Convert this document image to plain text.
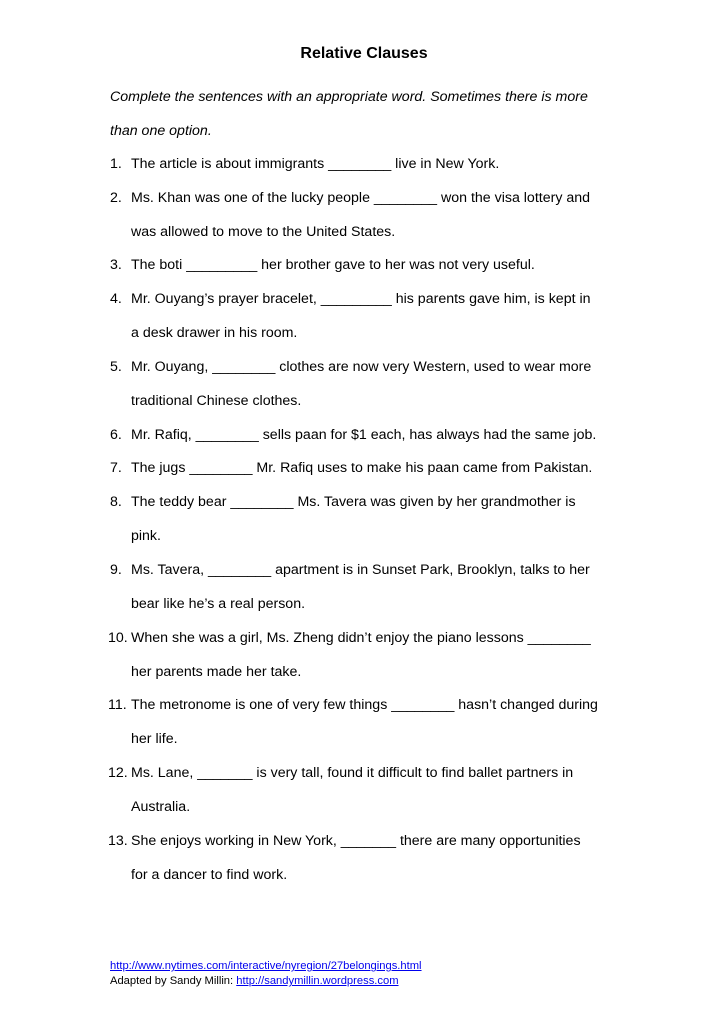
Relative Clauses
Complete the sentences with an appropriate word. Sometimes there is more
than one option.
1. The article is about immigrants ________ live in New York.
2. Ms. Khan was one of the lucky people ________ won the visa lottery and
was allowed to move to the United States.
3. The boti _________ her brother gave to her was not very useful.
4. Mr. Ouyang’s prayer bracelet, _________ his parents gave him, is kept in
a desk drawer in his room.
5. Mr. Ouyang, ________ clothes are now very Western, used to wear more
traditional Chinese clothes.
6. Mr. Rafiq, ________ sells paan for $1 each, has always had the same job.
7. The jugs ________ Mr. Rafiq uses to make his paan came from Pakistan.
8. The teddy bear ________ Ms. Tavera was given by her grandmother is
pink.
9. Ms. Tavera, ________ apartment is in Sunset Park, Brooklyn, talks to her
bear like he’s a real person.
10. When she was a girl, Ms. Zheng didn’t enjoy the piano lessons ________
her parents made her take.
11. The metronome is one of very few things ________ hasn’t changed during
her life.
12. Ms. Lane, _______ is very tall, found it difficult to find ballet partners in
Australia.
13. She enjoys working in New York, _______ there are many opportunities
for a dancer to find work.
http://www.nytimes.com/interactive/nyregion/27belongings.html
Adapted by Sandy Millin: http://sandymillin.wordpress.com
